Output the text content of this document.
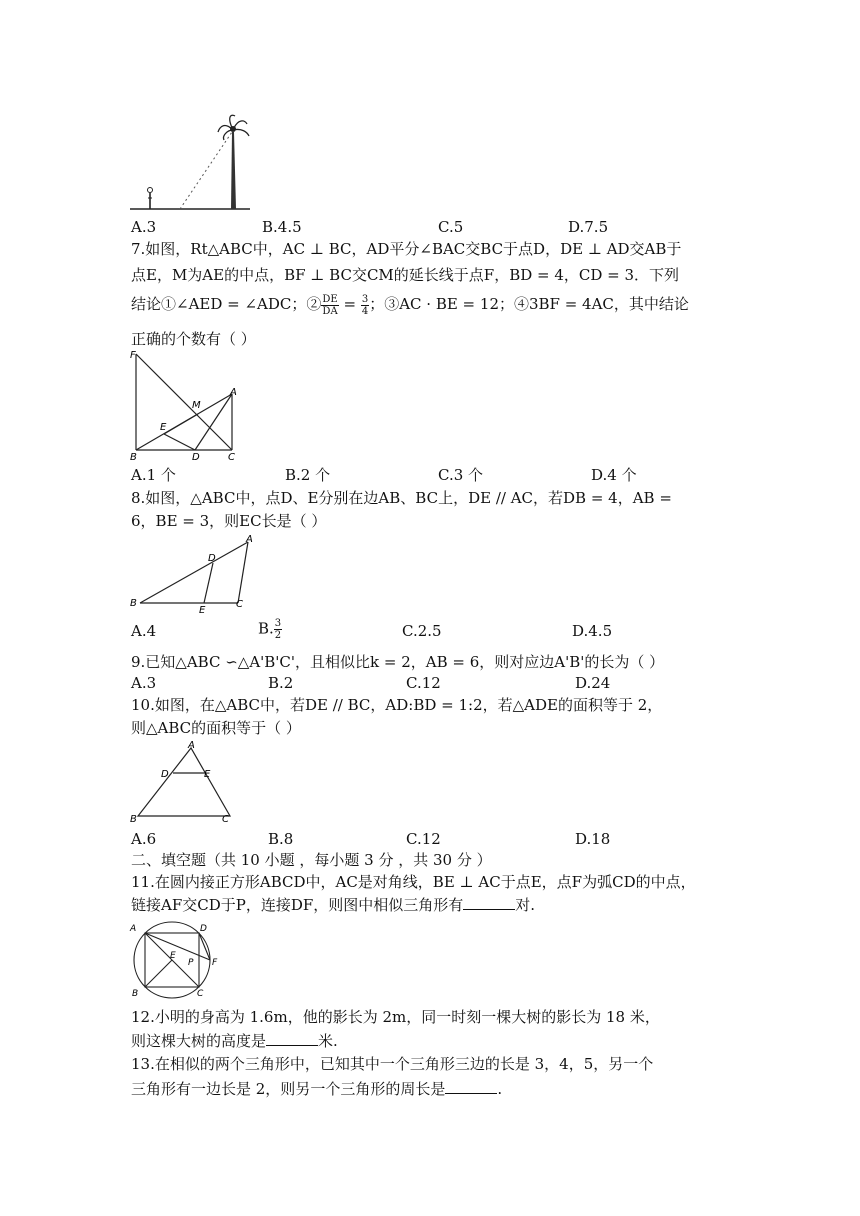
A.3	B.4.5	C.5	D.7.5
7.如图，Rt△ABC中，AC ⊥ BC，AD平分∠BAC交BC于点D，DE ⊥ AD交AB于
点E，M为AE的中点，BF ⊥ BC交CM的延长线于点F，BD = 4，CD = 3．下列
结论①∠AED = ∠ADC；② $\frac{DE}{DA} = \frac{3}{4}$ ；③AC · BE = 12；④3BF = 4AC，其中结论
正确的个数有（ ）
F
M
A
E
B	D	C
A.1 个	B.2 个	C.3 个	D.4 个
8.如图，△ABC中，点D、E分别在边AB、BC上，DE // AC，若DB = 4，AB =
6，BE = 3，则EC长是（ ）
A
D
B
E
C
A.4	B. $\frac{3}{2}$	C.2.5	D.4.5
9.已知△ABC ∽△A'B'C'，且相似比k = 2，AB = 6，则对应边A'B'的长为（ ）
A.3	B.2	C.12	D.24
10.如图，在△ABC中，若DE // BC，AD:BD = 1:2，若△ADE的面积等于 2，
则△ABC的面积等于（ ）
A
D	E
B	C
A.6	B.8	C.12	D.18
二、填空题（共 10 小题 ，每小题 3 分 ，共 30 分 ）
11.在圆内接正方形ABCD中，AC是对角线，BE ⊥ AC于点E，点F为弧CD的中点，
链接AF交CD于P，连接DF，则图中相似三角形有	对.
A	D
E
P F
B	C
12.小明的身高为 1.6m，他的影长为 2m，同一时刻一棵大树的影长为 18 米，
则这棵大树的高度是	米.
13.在相似的两个三角形中，已知其中一个三角形三边的长是 3，4，5，另一个
三角形有一边长是 2，则另一个三角形的周长是	.
